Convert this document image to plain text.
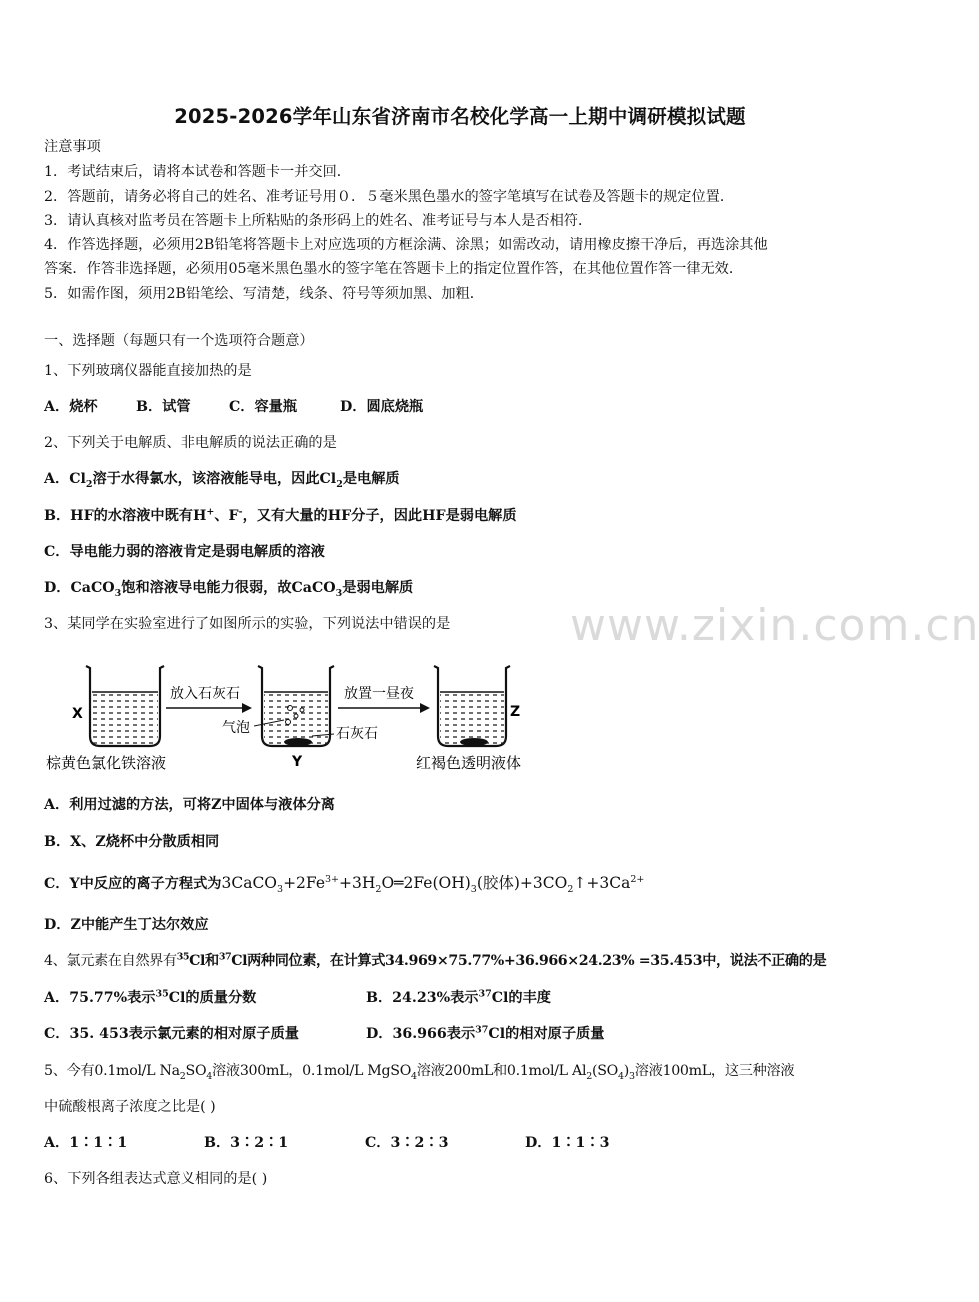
2025-2026学年山东省济南市名校化学高一上期中调研模拟试题
注意事项
1．考试结束后，请将本试卷和答题卡一并交回．
2．答题前，请务必将自己的姓名、准考证号用０．５毫米黑色墨水的签字笔填写在试卷及答题卡的规定位置．
3．请认真核对监考员在答题卡上所粘贴的条形码上的姓名、准考证号与本人是否相符．
4．作答选择题，必须用2B铅笔将答题卡上对应选项的方框涂满、涂黑；如需改动，请用橡皮擦干净后，再选涂其他
答案．作答非选择题，必须用05毫米黑色墨水的签字笔在答题卡上的指定位置作答，在其他位置作答一律无效．
5．如需作图，须用2B铅笔绘、写清楚，线条、符号等须加黑、加粗．
一、选择题（每题只有一个选项符合题意）
1、下列玻璃仪器能直接加热的是
A．烧杯	B．试管	C．容量瓶	D．圆底烧瓶
2、下列关于电解质、非电解质的说法正确的是
A．$Cl_2$溶于水得氯水，该溶液能导电，因此$Cl_2$是电解质
B．HF的水溶液中既有H+、F-，又有大量的HF分子，因此HF是弱电解质
C．导电能力弱的溶液肯定是弱电解质的溶液
D．CaCO$_3$饱和溶液导电能力很弱，故CaCO$_3$是弱电解质
3、某同学在实验室进行了如图所示的实验，下列说法中错误的是
X
放入石灰石
气泡
Y
放置一昼夜
石灰石
Z
棕黄色氯化铁溶液	红褐色透明液体
A．利用过滤的方法，可将Z中固体与液体分离
B．X、Z烧杯中分散质相同
C．Y中反应的离子方程式为$3CaCO_3+2Fe^{3+}+3H_2O═2Fe(OH)_3$(胶体)$+3CO_2↑+3Ca^{2+}$
D．Z中能产生丁达尔效应
4、氯元素在自然界有$^{35}$Cl和$^{37}$Cl两种同位素，在计算式34.969×75.77%+36.966×24.23% =35.453中，说法不正确的是
A．75.77%表示$^{35}$Cl的质量分数	B．24.23%表示$^{37}$Cl的丰度
C．35. 453表示氯元素的相对原子质量	D．36.966表示$^{37}$Cl的相对原子质量
5、今有0.1mol/L $Na_2SO_4$溶液300mL，0.1mol/L MgSO$_4$溶液200mL和0.1mol/L $Al_2(SO_4)_3$溶液100mL，这三种溶液
中硫酸根离子浓度之比是( )
A．1∶1∶1	B．3∶2∶1	C．3∶2∶3	D．1∶1∶3
6、下列各组表达式意义相同的是( )
www.zixin.com.cn
